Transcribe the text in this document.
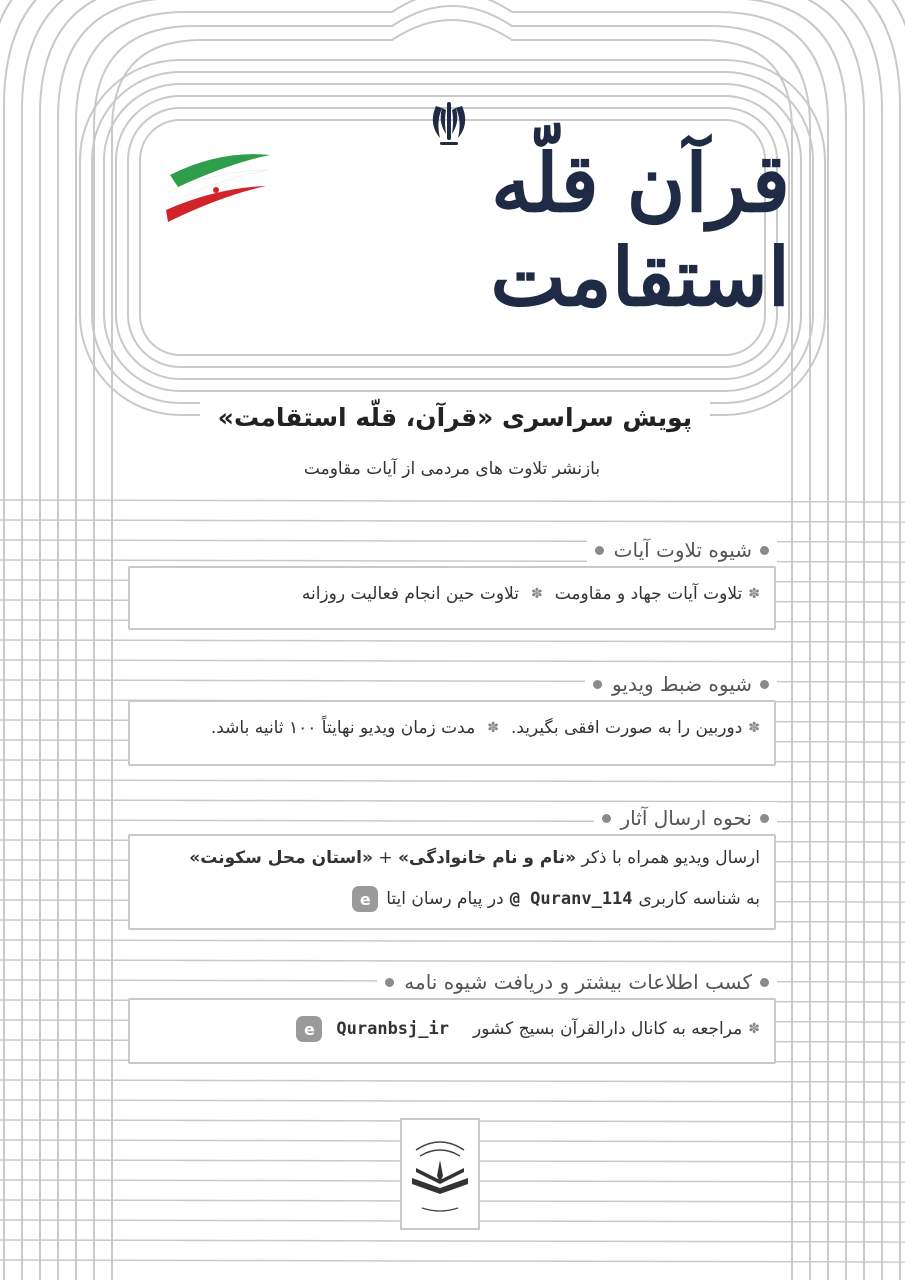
قرآن قلّه استقامت
پویش سراسری «قرآن، قلّه استقامت»
بازنشر تلاوت های مردمی از آیات مقاومت
شیوه تلاوت آیات
✽
تلاوت آیات جهاد و مقاومت
✽
تلاوت حین انجام فعالیت روزانه
شیوه ضبط ویدیو
✽
دوربین را به صورت افقی بگیرید.
✽
مدت زمان ویدیو نهایتاً ۱۰۰ ثانیه باشد.
نحوه ارسال آثار
ارسال ویدیو همراه با ذکر

«نام و نام خانوادگی»

+

«استان محل سکونت»
به شناسه کاربری
@ Quranv_114
در پیام رسان ایتا
e
کسب اطلاعات بیشتر و دریافت شیوه نامه
✽
مراجعه به کانال دارالقرآن بسیج کشور
Quranbsj_ir
e
